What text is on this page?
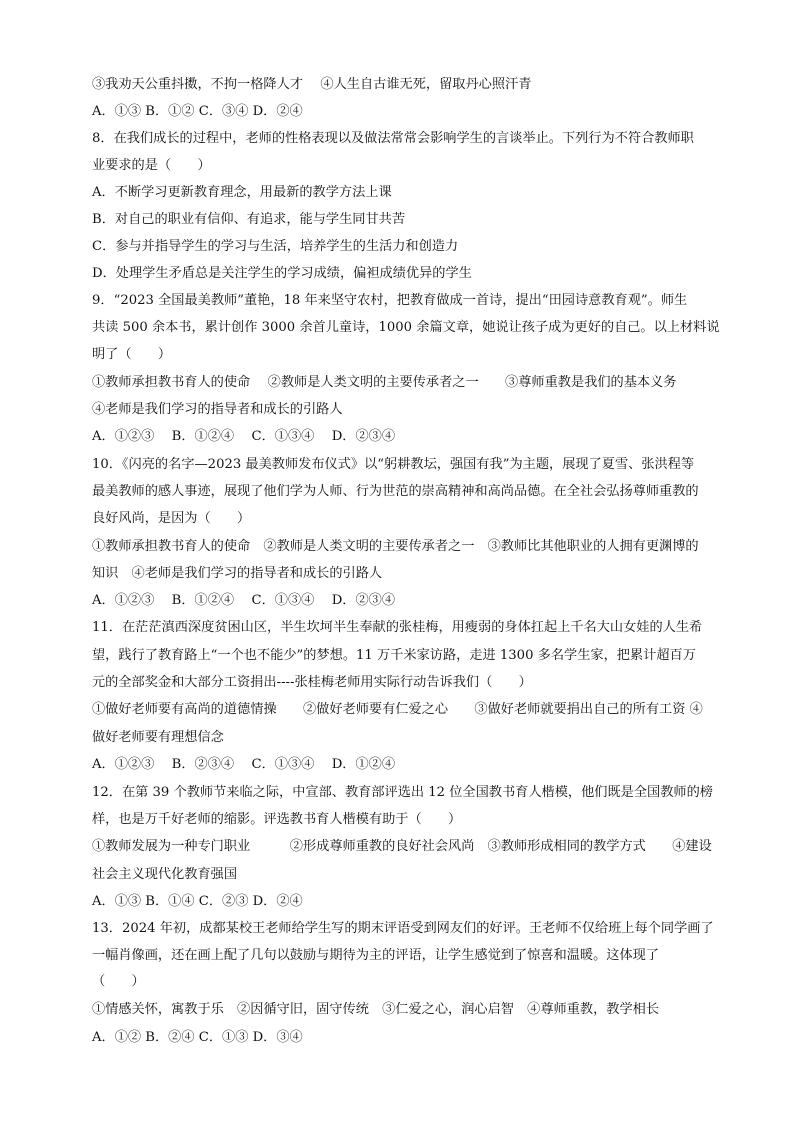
③我劝天公重抖擞，不拘一格降人才　 ④人生自古谁无死，留取丹心照汗青
A．①③ B．①② C．③④ D．②④
8．在我们成长的过程中，老师的性格表现以及做法常常会影响学生的言谈举止。下列行为不符合教师职
业要求的是（　　）
A．不断学习更新教育理念，用最新的教学方法上课
B．对自己的职业有信仰、有追求，能与学生同甘共苦
C．参与并指导学生的学习与生活，培养学生的生活力和创造力
D．处理学生矛盾总是关注学生的学习成绩，偏袒成绩优异的学生
9．“2023 全国最美教师”董艳，18 年来坚守农村，把教育做成一首诗，提出“田园诗意教育观”。师生
共读 500 余本书，累计创作 3000 余首儿童诗，1000 余篇文章，她说让孩子成为更好的自己。以上材料说
明了（　　）
①教师承担教书育人的使命　 ②教师是人类文明的主要传承者之一　　③尊师重教是我们的基本义务
④老师是我们学习的指导者和成长的引路人
A．①②③　 B．①②④　 C．①③④　 D．②③④
10．《闪亮的名字—2023 最美教师发布仪式》以“躬耕教坛，强国有我”为主题，展现了夏雪、张洪程等
最美教师的感人事迹，展现了他们学为人师、行为世范的崇高精神和高尚品德。在全社会弘扬尊师重教的
良好风尚，是因为（　　）
①教师承担教书育人的使命　②教师是人类文明的主要传承者之一　③教师比其他职业的人拥有更渊博的
知识　④老师是我们学习的指导者和成长的引路人
A．①②③　 B．①②④　 C．①③④　 D．②③④
11．在茫茫滇西深度贫困山区，半生坎坷半生奉献的张桂梅，用瘦弱的身体扛起上千名大山女娃的人生希
望，践行了教育路上“一个也不能少”的梦想。11 万千米家访路，走进 1300 多名学生家，把累计超百万
元的全部奖金和大部分工资捐出----张桂梅老师用实际行动告诉我们（　　）
①做好老师要有高尚的道德情操　　②做好老师要有仁爱之心　　③做好老师就要捐出自己的所有工资 ④
做好老师要有理想信念
A．①②③　 B．②③④　 C．①③④　 D．①②④
12．在第 39 个教师节来临之际，中宣部、教育部评选出 12 位全国教书育人楷模，他们既是全国教师的榜
样，也是万千好老师的缩影。评选教书育人楷模有助于（　　）
①教师发展为一种专门职业　　　②形成尊师重教的良好社会风尚　③教师形成相同的教学方式　　④建设
社会主义现代化教育强国
A．①③ B．①④ C．②③ D．②④
13．2024 年初，成都某校王老师给学生写的期末评语受到网友们的好评。王老师不仅给班上每个同学画了
一幅肖像画，还在画上配了几句以鼓励与期待为主的评语，让学生感觉到了惊喜和温暖。这体现了
（　　）
①情感关怀，寓教于乐　②因循守旧，固守传统　③仁爱之心，润心启智　④尊师重教，教学相长
A．①② B．②④ C．①③ D．③④
